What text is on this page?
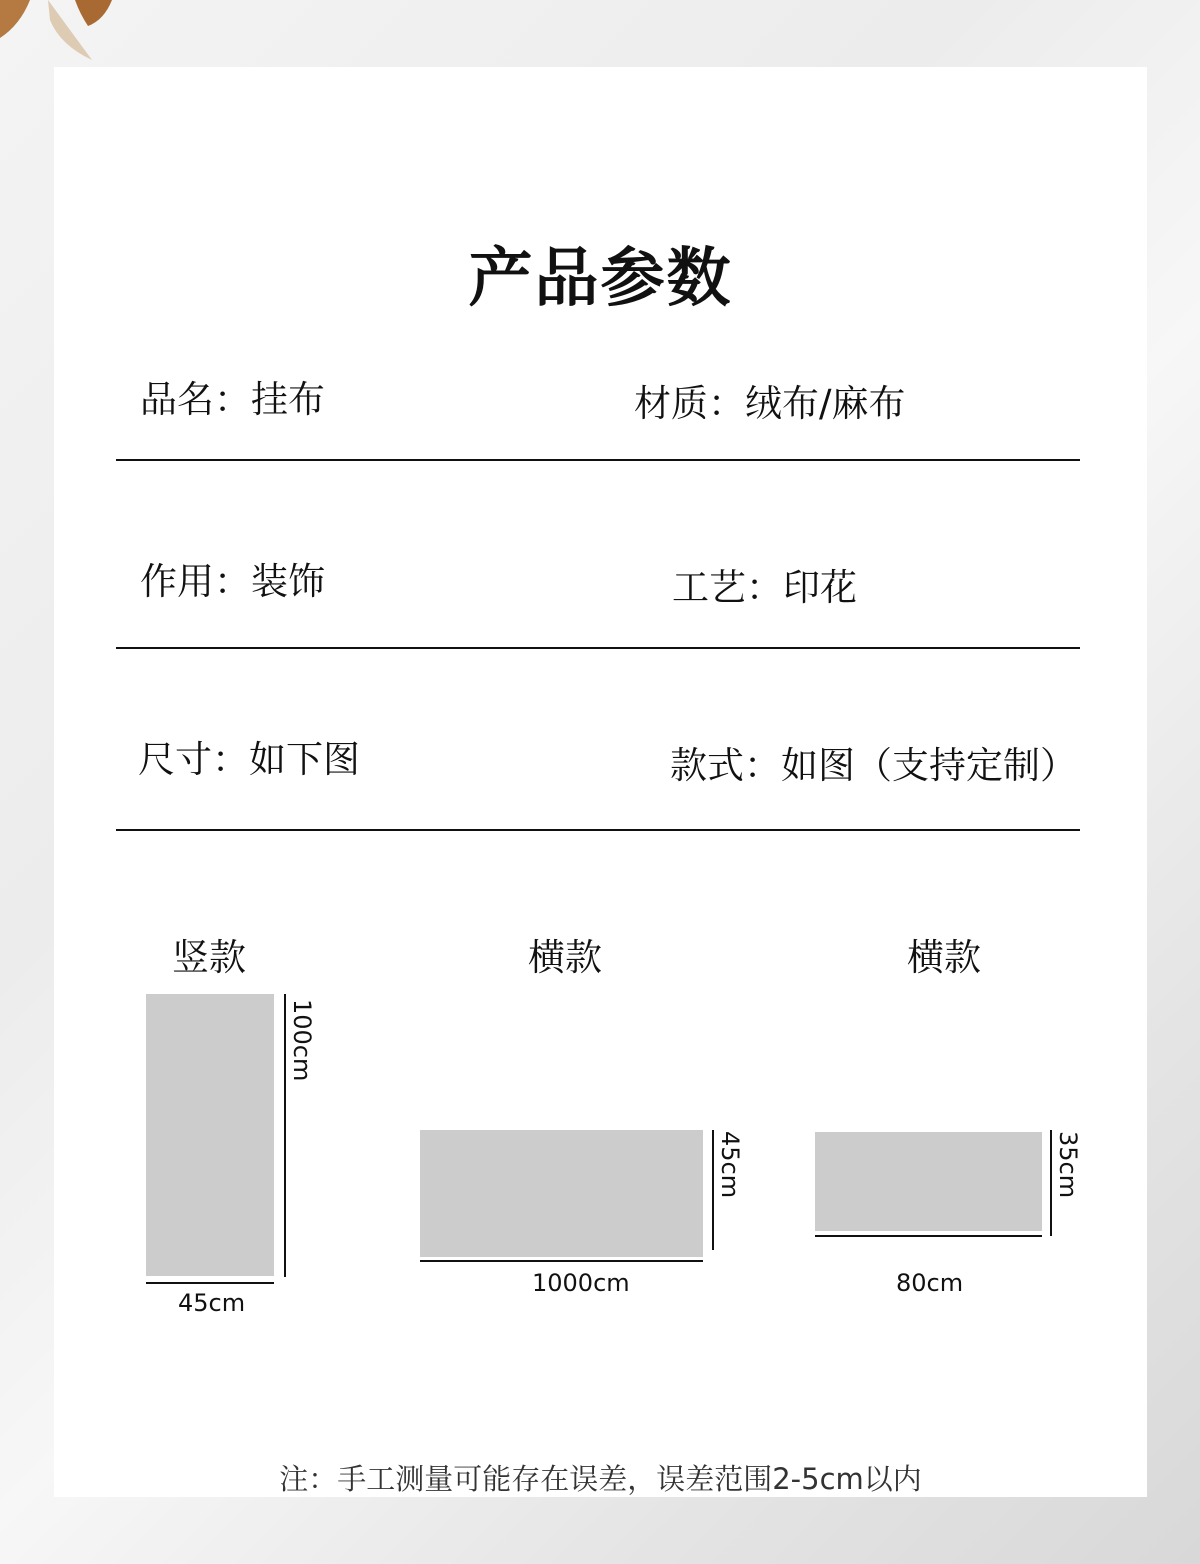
产品参数
品名：挂布	材质：绒布/麻布
作用：装饰	工艺：印花
尺寸：如下图	款式：如图（支持定制）
竖款
100cm
45cm
横款
45cm
1000cm
横款
35cm
80cm
注：手工测量可能存在误差，误差范围2-5cm以内
